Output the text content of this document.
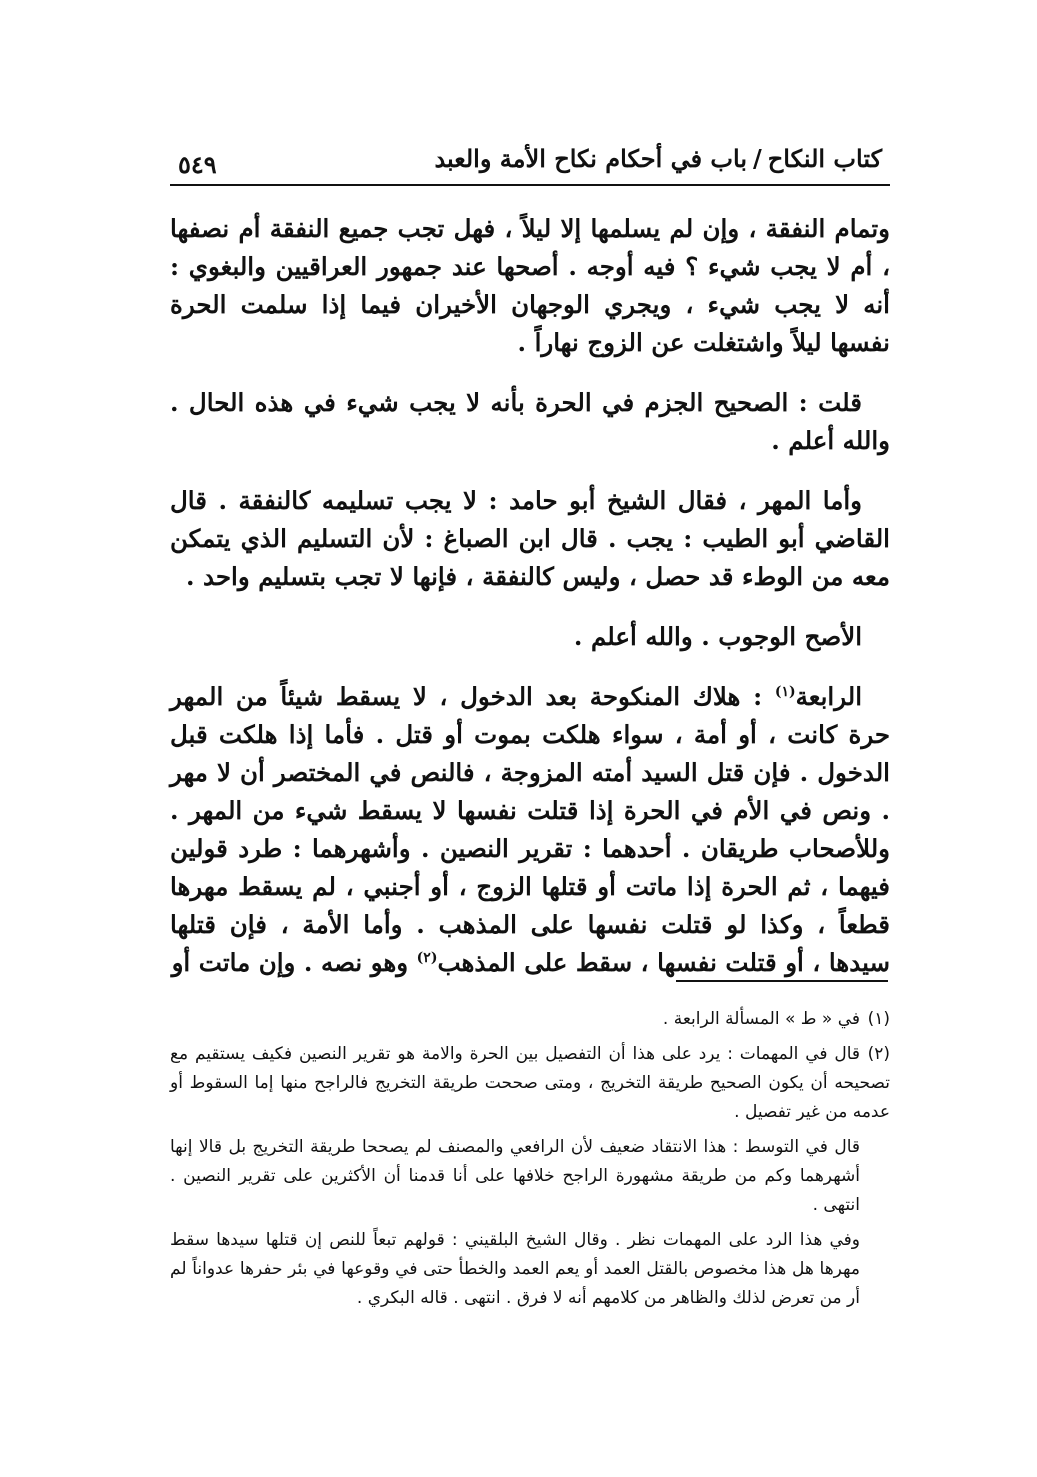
كتاب النكاح/باب في أحكام نكاح الأمة والعبد
٥٤٩

وتمام النفقة ، وإن لم يسلمها إلا ليلاً ، فهل تجب جميع النفقة أم نصفها ، أم لا يجب شيء ؟ فيه أوجه . أصحها عند جمهور العراقيين والبغوي : أنه لا يجب شيء ، ويجري الوجهان الأخيران فيما إذا سلمت الحرة نفسها ليلاً واشتغلت عن الزوج نهاراً .

قلت : الصحيح الجزم في الحرة بأنه لا يجب شيء في هذه الحال . والله أعلم .

وأما المهر ، فقال الشيخ أبو حامد : لا يجب تسليمه كالنفقة . قال القاضي أبو الطيب : يجب . قال ابن الصباغ : لأن التسليم الذي يتمكن معه من الوطء قد حصل ، وليس كالنفقة ، فإنها لا تجب بتسليم واحد .

الأصح الوجوب . والله أعلم .

الرابعة$^{(١)}$ : هلاك المنكوحة بعد الدخول ، لا يسقط شيئاً من المهر حرة كانت ، أو أمة ، سواء هلكت بموت أو قتل . فأما إذا هلكت قبل الدخول . فإن قتل السيد أمته المزوجة ، فالنص في المختصر أن لا مهر . ونص في الأم في الحرة إذا قتلت نفسها لا يسقط شيء من المهر . وللأصحاب طريقان . أحدهما : تقرير النصين . وأشهرهما : طرد قولين فيهما ، ثم الحرة إذا ماتت أو قتلها الزوج ، أو أجنبي ، لم يسقط مهرها قطعاً ، وكذا لو قتلت نفسها على المذهب . وأما الأمة ، فإن قتلها سيدها ، أو قتلت نفسها ، سقط على المذهب$^{(٢)}$ وهو نصه . وإن ماتت أو

(١)في « ط » المسألة الرابعة .

(٢)قال في المهمات : يرد على هذا أن التفصيل بين الحرة والامة هو تقرير النصين فكيف يستقيم مع تصحيحه أن يكون الصحيح طريقة التخريج ، ومتى صححت طريقة التخريج فالراجح منها إما السقوط أو عدمه من غير تفصيل .

قال في التوسط : هذا الانتقاد ضعيف لأن الرافعي والمصنف لم يصححا طريقة التخريج بل قالا إنها أشهرهما وكم من طريقة مشهورة الراجح خلافها على أنا قدمنا أن الأكثرين على تقرير النصين . انتهى .

وفي هذا الرد على المهمات نظر . وقال الشيخ البلقيني : قولهم تبعاً للنص إن قتلها سيدها سقط مهرها هل هذا مخصوص بالقتل العمد أو يعم العمد والخطأ حتى في وقوعها في بئر حفرها عدواناً لم أر من تعرض لذلك والظاهر من كلامهم أنه لا فرق . انتهى . قاله البكري .
